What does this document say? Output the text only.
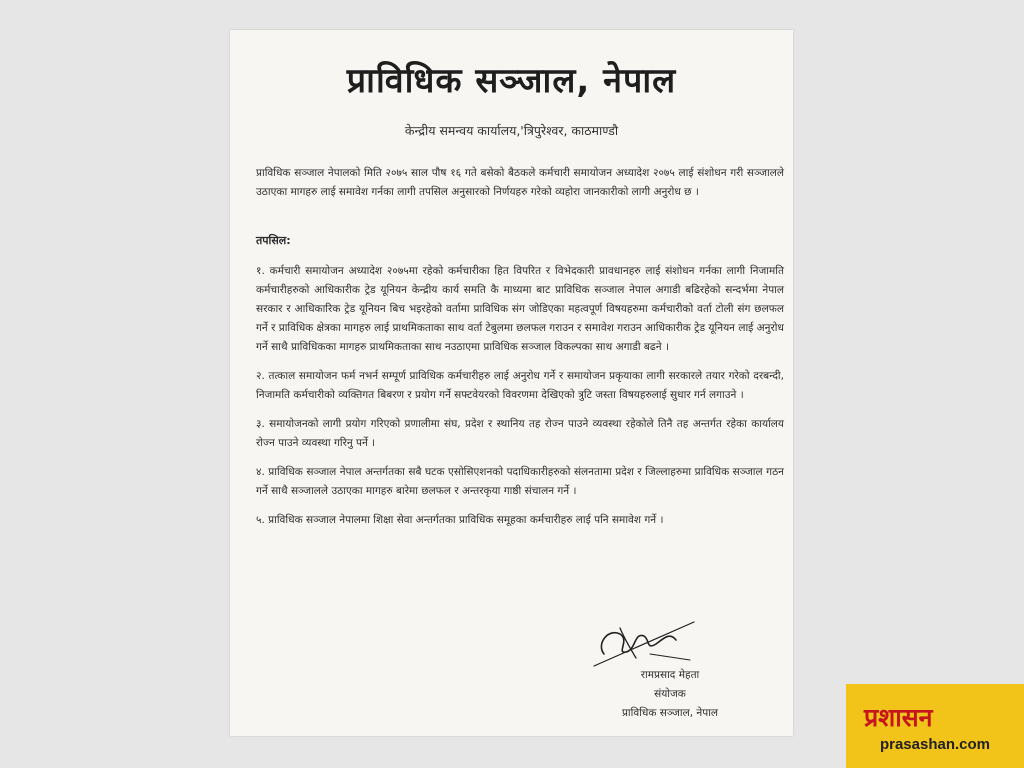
प्राविधिक सञ्जाल, नेपाल
केन्द्रीय समन्वय कार्यालय,'त्रिपुरेश्वर, काठमाण्डौ
प्राविधिक सञ्जाल नेपालको मिति २०७५ साल पौष १६ गते बसेको बैठकले कर्मचारी समायोजन अध्यादेश २०७५ लाई संशोधन गरी सञ्जालले उठाएका मागहरु लाई समावेश गर्नका लागी तपसिल अनुसारको निर्णयहरु गरेको व्यहोरा जानकारीको लागी अनुरोध छ ।
तपसिल:

१. कर्मचारी समायोजन अध्यादेश २०७५मा रहेको कर्मचारीका हित विपरित र विभेदकारी प्रावधानहरु लाई संशोधन गर्नका लागी निजामति कर्मचारीहरुको आधिकारीक ट्रेड यूनियन केन्द्रीय कार्य समति कै माध्यमा बाट प्राविधिक सञ्जाल नेपाल अगाडी बढिरहेको सन्दर्भमा नेपाल सरकार र आधिकारिक ट्रेड यूनियन बिच भइरहेको वर्तामा प्राविधिक संग जोडिएका महत्वपूर्ण विषयहरुमा कर्मचारीको वर्ता टोली संग छलफल गर्ने र प्राविधिक क्षेत्रका मागहरु लाई प्राथमिकताका साथ वर्ता टेबुलमा छलफल गराउन र समावेश गराउन आधिकारीक ट्रेड यूनियन लाई अनुरोध गर्ने साथै प्राविधिकका मागहरु प्राथमिकताका साथ नउठाएमा प्राविधिक सञ्जाल विकल्पका साथ अगाडी बढने ।

२. तत्काल समायोजन फर्म नभर्न सम्पूर्ण प्राविधिक कर्मचारीहरु लाई अनुरोध गर्ने र समायोजन प्रकृयाका लागी सरकारले तयार गरेको दरबन्दी, निजामति कर्मचारीको व्यक्तिगत बिबरण र प्रयोग गर्ने सफ्टवेयरको विवरणमा देखिएको त्रुटि जस्ता विषयहरुलाई सुधार गर्न लगाउने ।

३. समायोजनको लागी प्रयोग गरिएको प्रणालीमा संघ, प्रदेश र स्थानिय तह रोज्न पाउने व्यवस्था रहेकोले तिनै तह अन्तर्गत रहेका कार्यालय रोज्न पाउने व्यवस्था गरिनु पर्ने ।

४. प्राविधिक सञ्जाल नेपाल अन्तर्गतका सबै घटक एसोसिएशनको पदाधिकारीहरुको संलनतामा प्रदेश र जिल्लाहरुमा प्राविधिक सञ्जाल गठन गर्ने साथै सञ्जालले उठाएका मागहरु बारेमा छलफल र अन्तरकृया गाष्ठी संचालन गर्ने ।

५. प्राविधिक सञ्जाल नेपालमा शिक्षा सेवा अन्तर्गतका प्राविधिक समूहका कर्मचारीहरु लाई पनि समावेश गर्ने ।

रामप्रसाद मेहता
संयोजक
प्राविधिक सञ्जाल, नेपाल	प्रशासन
prasashan.com
